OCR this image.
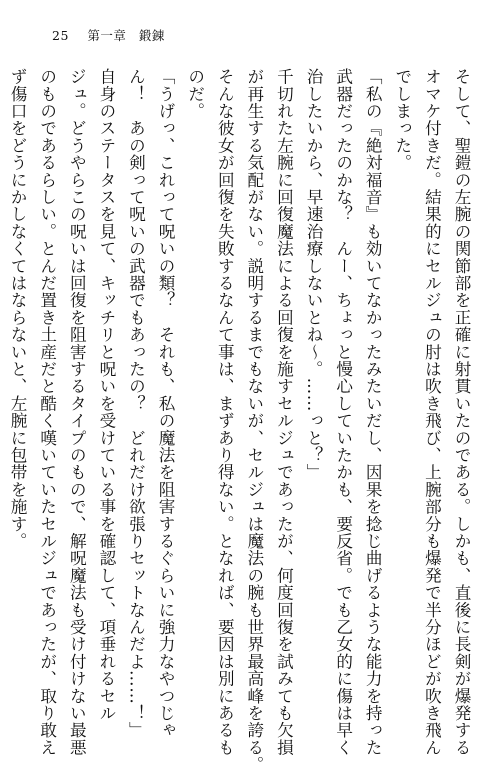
25 第一章 鍛錬
そして、聖鎧の左腕の関節部を正確に射貫いたのである。しかも、直後に長剣が爆発する
オマケ付きだ。結果的にセルジュの肘は吹き飛び、上腕部分も爆発で半分ほどが吹き飛ん
でしまった。
「私の『絶対福音』も効いてなかったみたいだし、因果を捻じ曲げるような能力を持った
武器だったのかな？　んー、ちょっと慢心していたかも、要反省。でも乙女的に傷は早く
治したいから、早速治療しないとね〜。……っと？」
千切れた左腕に回復魔法による回復を施すセルジュであったが、何度回復を試みても欠損
が再生する気配がない。説明するまでもないが、セルジュは魔法の腕も世界最高峰を誇る。
そんな彼女が回復を失敗するなんて事は、まずあり得ない。となれば、要因は別にあるも
のだ。
「うげっ、これって呪いの類？　それも、私の魔法を阻害するぐらいに強力なやつじゃ
ん！　あの剣って呪いの武器でもあったの？　どれだけ欲張りセットなんだよ……！」
自身のステータスを見て、キッチリと呪いを受けている事を確認して、項垂れるセル
ジュ。どうやらこの呪いは回復を阻害するタイプのもので、解呪魔法も受け付けない最悪
のものであるらしい。とんだ置き土産だと酷く嘆いていたセルジュであったが、取り敢え
ず傷口をどうにかしなくてはならないと、左腕に包帯を施す。
